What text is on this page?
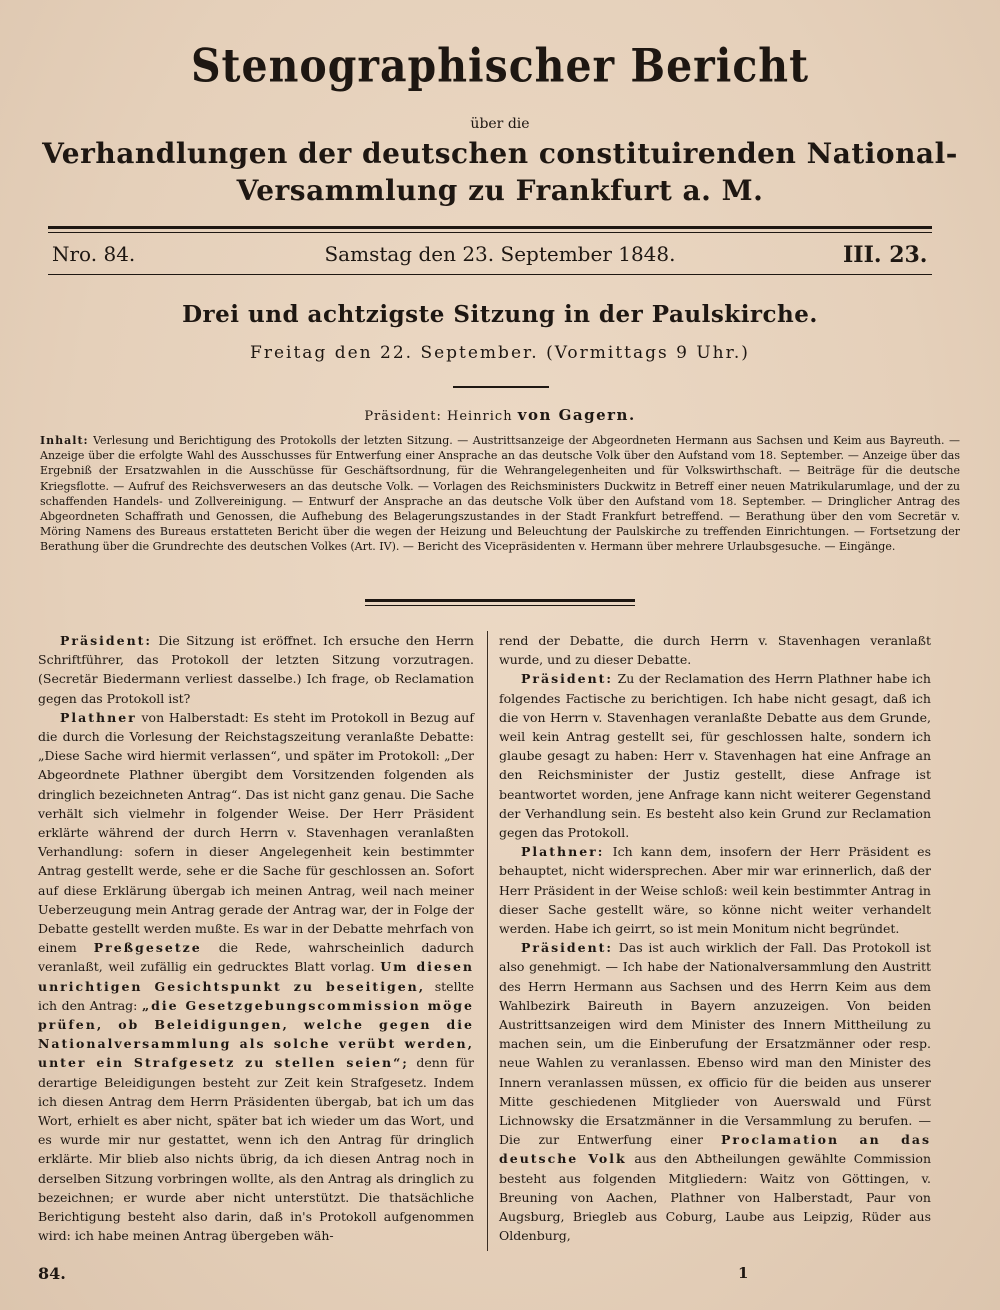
Stenographischer Bericht
über die
Verhandlungen der deutschen constituirenden National-
Versammlung zu Frankfurt a. M.
Nro. 84.	Samstag den 23. September 1848.	III. 23.
Drei und achtzigste Sitzung in der Paulskirche.
Freitag den 22. September. (Vormittags 9 Uhr.)
Präsident: Heinrich von Gagern.
Inhalt: Verlesung und Berichtigung des Protokolls der letzten Sitzung. — Austrittsanzeige der Abgeordneten Hermann aus Sachsen und Keim aus Bayreuth. — Anzeige über die erfolgte Wahl des Ausschusses für Entwerfung einer Ansprache an das deutsche Volk über den Aufstand vom 18. September. — Anzeige über das Ergebniß der Ersatzwahlen in die Ausschüsse für Geschäftsordnung, für die Wehrangelegenheiten und für Volkswirthschaft. — Beiträge für die deutsche Kriegsflotte. — Aufruf des Reichsverwesers an das deutsche Volk. — Vorlagen des Reichsministers Duckwitz in Betreff einer neuen Matrikularumlage, und der zu schaffenden Handels- und Zollvereinigung. — Entwurf der Ansprache an das deutsche Volk über den Aufstand vom 18. September. — Dringlicher Antrag des Abgeordneten Schaffrath und Genossen, die Aufhebung des Belagerungszustandes in der Stadt Frankfurt betreffend. — Berathung über den vom Secretär v. Möring Namens des Bureaus erstatteten Bericht über die wegen der Heizung und Beleuchtung der Paulskirche zu treffenden Einrichtungen. — Fortsetzung der Berathung über die Grundrechte des deutschen Volkes (Art. IV). — Bericht des Vicepräsidenten v. Hermann über mehrere Urlaubsgesuche. — Eingänge.

Präsident: Die Sitzung ist eröffnet. Ich ersuche den Herrn Schriftführer, das Protokoll der letzten Sitzung vorzutragen. (Secretär Biedermann verliest dasselbe.) Ich frage, ob Reclamation gegen das Protokoll ist?

Plathner von Halberstadt: Es steht im Protokoll in Bezug auf die durch die Vorlesung der Reichstagszeitung veranlaßte Debatte: „Diese Sache wird hiermit verlassen“, und später im Protokoll: „Der Abgeordnete Plathner übergibt dem Vorsitzenden folgenden als dringlich bezeichneten Antrag“. Das ist nicht ganz genau. Die Sache verhält sich vielmehr in folgender Weise. Der Herr Präsident erklärte während der durch Herrn v. Stavenhagen veranlaßten Verhandlung: sofern in dieser Angelegenheit kein bestimmter Antrag gestellt werde, sehe er die Sache für geschlossen an. Sofort auf diese Erklärung übergab ich meinen Antrag, weil nach meiner Ueberzeugung mein Antrag gerade der Antrag war, der in Folge der Debatte gestellt werden mußte. Es war in der Debatte mehrfach von einem Preßgesetze die Rede, wahrscheinlich dadurch veranlaßt, weil zufällig ein gedrucktes Blatt vorlag. Um diesen unrichtigen Gesichtspunkt zu beseitigen, stellte ich den Antrag: „die Gesetzgebungscommission möge prüfen, ob Beleidigungen, welche gegen die Nationalversammlung als solche verübt werden, unter ein Strafgesetz zu stellen seien“; denn für derartige Beleidigungen besteht zur Zeit kein Strafgesetz. Indem ich diesen Antrag dem Herrn Präsidenten übergab, bat ich um das Wort, erhielt es aber nicht, später bat ich wieder um das Wort, und es wurde mir nur gestattet, wenn ich den Antrag für dringlich erklärte. Mir blieb also nichts übrig, da ich diesen Antrag noch in derselben Sitzung vorbringen wollte, als den Antrag als dringlich zu bezeichnen; er wurde aber nicht unterstützt. Die thatsächliche Berichtigung besteht also darin, daß in's Protokoll aufgenommen wird: ich habe meinen Antrag übergeben wäh-

rend der Debatte, die durch Herrn v. Stavenhagen veranlaßt wurde, und zu dieser Debatte.

Präsident: Zu der Reclamation des Herrn Plathner habe ich folgendes Factische zu berichtigen. Ich habe nicht gesagt, daß ich die von Herrn v. Stavenhagen veranlaßte Debatte aus dem Grunde, weil kein Antrag gestellt sei, für geschlossen halte, sondern ich glaube gesagt zu haben: Herr v. Stavenhagen hat eine Anfrage an den Reichsminister der Justiz gestellt, diese Anfrage ist beantwortet worden, jene Anfrage kann nicht weiterer Gegenstand der Verhandlung sein. Es besteht also kein Grund zur Reclamation gegen das Protokoll.

Plathner: Ich kann dem, insofern der Herr Präsident es behauptet, nicht widersprechen. Aber mir war erinnerlich, daß der Herr Präsident in der Weise schloß: weil kein bestimmter Antrag in dieser Sache gestellt wäre, so könne nicht weiter verhandelt werden. Habe ich geirrt, so ist mein Monitum nicht begründet.

Präsident: Das ist auch wirklich der Fall. Das Protokoll ist also genehmigt. — Ich habe der Nationalversammlung den Austritt des Herrn Hermann aus Sachsen und des Herrn Keim aus dem Wahlbezirk Baireuth in Bayern anzuzeigen. Von beiden Austrittsanzeigen wird dem Minister des Innern Mittheilung zu machen sein, um die Einberufung der Ersatzmänner oder resp. neue Wahlen zu veranlassen. Ebenso wird man den Minister des Innern veranlassen müssen, ex officio für die beiden aus unserer Mitte geschiedenen Mitglieder von Auerswald und Fürst Lichnowsky die Ersatzmänner in die Versammlung zu berufen. — Die zur Entwerfung einer Proclamation an das deutsche Volk aus den Abtheilungen gewählte Commission besteht aus folgenden Mitgliedern: Waitz von Göttingen, v. Breuning von Aachen, Plathner von Halberstadt, Paur von Augsburg, Briegleb aus Coburg, Laube aus Leipzig, Rüder aus Oldenburg,

84.	1
